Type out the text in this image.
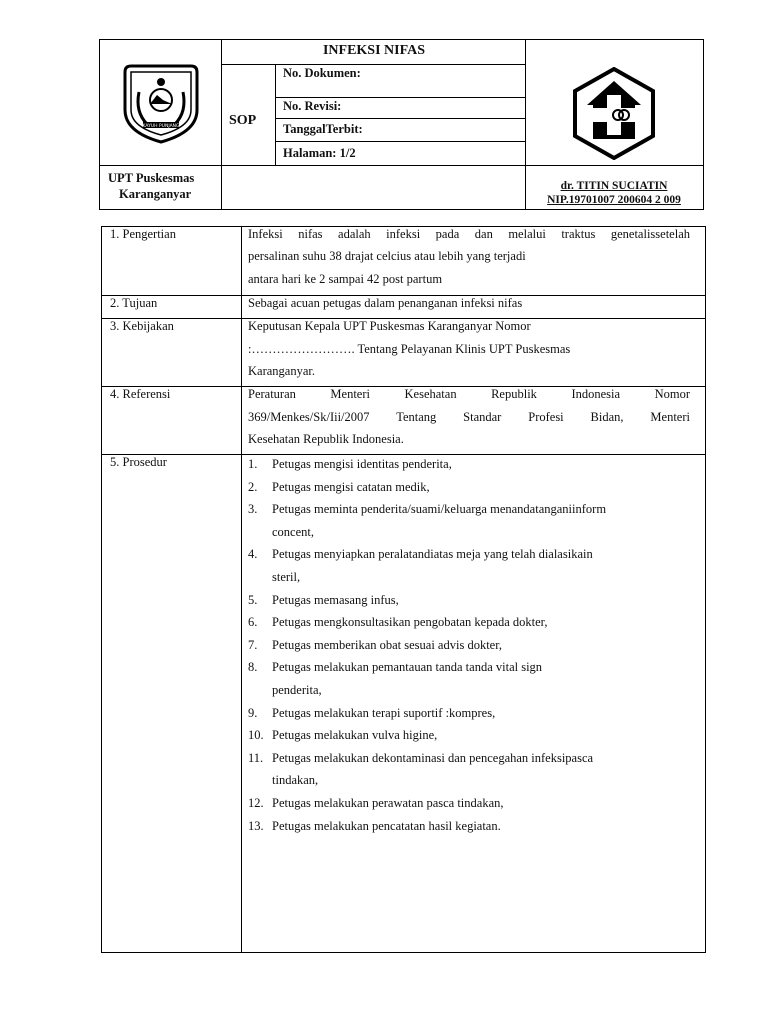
KAYUH PUNJANG
INFEKSI NIFAS
SOP
No. Dokumen:
No. Revisi:
TanggalTerbit:
Halaman: 1/2
UPT Puskesmas
Karanganyar
dr. TITIN SUCIATIN
NIP.19701007 200604 2 009
1. Pengertian	Infeksi nifas adalah infeksi pada dan melalui traktus genetalissetelah
persalinan suhu 38 drajat celcius atau lebih yang terjadi
antara hari ke 2 sampai 42 post partum
2. Tujuan	Sebagai acuan petugas dalam penanganan infeksi nifas
3. Kebijakan	Keputusan Kepala UPT Puskesmas Karanganyar Nomor
:……………………. Tentang Pelayanan Klinis UPT Puskesmas
Karanganyar.
4. Referensi	Peraturan Menteri Kesehatan Republik Indonesia Nomor
369/Menkes/Sk/Iii/2007 Tentang Standar Profesi Bidan, Menteri
Kesehatan Republik Indonesia.
5. Prosedur	1. Petugas mengisi identitas penderita,
2. Petugas mengisi catatan medik,
3. Petugas meminta penderita/suami/keluarga menandatanganiinform
concent,
4. Petugas menyiapkan peralatandiatas meja yang telah dialasikain
steril,
5. Petugas memasang infus,
6. Petugas mengkonsultasikan pengobatan kepada dokter,
7. Petugas memberikan obat sesuai advis dokter,
8. Petugas melakukan pemantauan tanda tanda vital sign
penderita,
9. Petugas melakukan terapi suportif :kompres,
10. Petugas melakukan vulva higine,
11. Petugas melakukan dekontaminasi dan pencegahan infeksipasca
tindakan,
12. Petugas melakukan perawatan pasca tindakan,
13. Petugas melakukan pencatatan hasil kegiatan.
